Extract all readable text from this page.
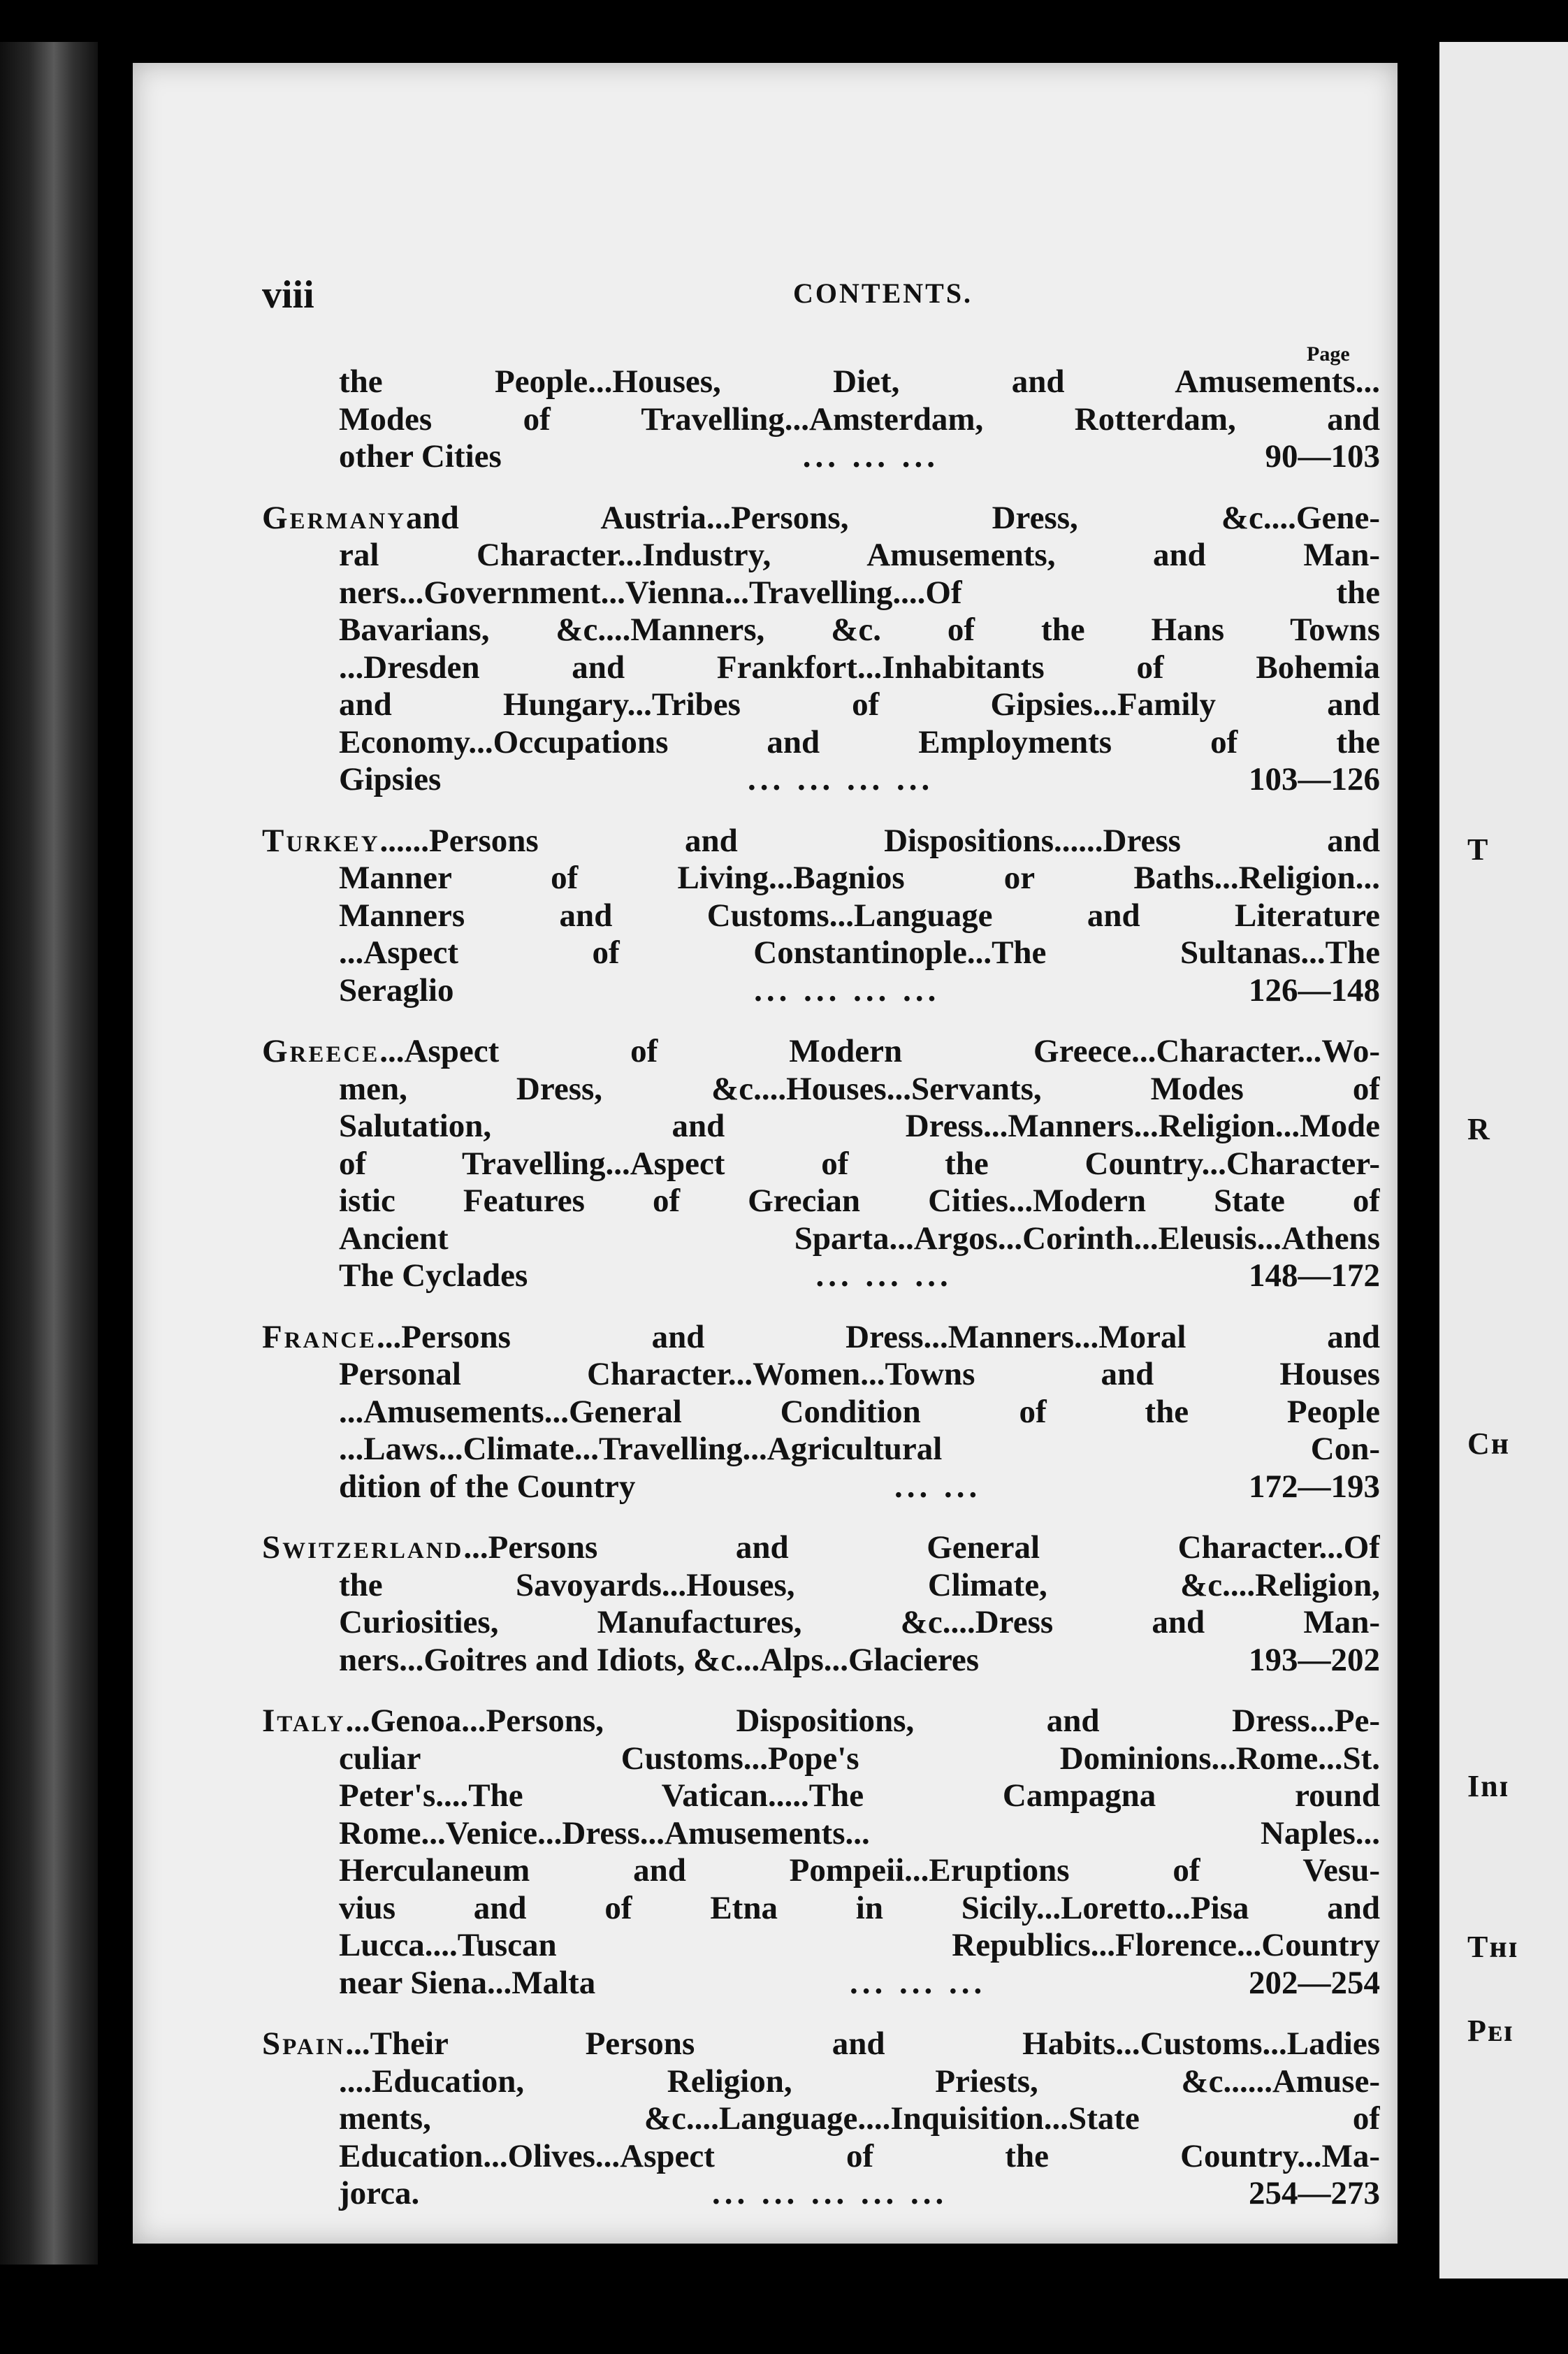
viii	CONTENTS.
Page
the People...Houses, Diet, and Amusements...
Modes of Travelling...Amsterdam, Rotterdam, and
other Cities	... ... ...	90—103
Germanyand Austria...Persons, Dress, &c....Gene-
ral Character...Industry, Amusements, and Man-
ners...Government...Vienna...Travelling....Of the
Bavarians, &c....Manners, &c. of the Hans Towns
...Dresden and Frankfort...Inhabitants of Bohemia
and Hungary...Tribes of Gipsies...Family and
Economy...Occupations and Employments of the
Gipsies	... ... ... ...	103—126
Turkey......Persons and Dispositions......Dress and
Manner of Living...Bagnios or Baths...Religion...
Manners and Customs...Language and Literature
...Aspect of Constantinople...The Sultanas...The
Seraglio	... ... ... ...	126—148
Greece...Aspect of Modern Greece...Character...Wo-
men, Dress, &c....Houses...Servants, Modes of
Salutation, and Dress...Manners...Religion...Mode
of Travelling...Aspect of the Country...Character-
istic Features of Grecian Cities...Modern State of
Ancient Sparta...Argos...Corinth...Eleusis...Athens
The Cyclades	... ... ...	148—172
France...Persons and Dress...Manners...Moral and
Personal Character...Women...Towns and Houses
...Amusements...General Condition of the People
...Laws...Climate...Travelling...Agricultural Con-
dition of the Country	... ...	172—193
Switzerland...Persons and General Character...Of
the Savoyards...Houses, Climate, &c....Religion,
Curiosities, Manufactures, &c....Dress and Man-
ners...Goitres and Idiots, &c...Alps...Glacieres	193—202
Italy...Genoa...Persons, Dispositions, and Dress...Pe-
culiar Customs...Pope's Dominions...Rome...St.
Peter's....The Vatican.....The Campagna round
Rome...Venice...Dress...Amusements... Naples...
Herculaneum and Pompeii...Eruptions of Vesu-
vius and of Etna in Sicily...Loretto...Pisa and
Lucca....Tuscan Republics...Florence...Country
near Siena...Malta	... ... ...	202—254
Spain...Their Persons and Habits...Customs...Ladies
....Education, Religion, Priests, &c......Amuse-
ments, &c....Language....Inquisition...State of
Education...Olives...Aspect of the Country...Ma-
jorca.	... ... ... ... ...	254—273
T
R
Cн
Inɪ
Tнɪ
Pᴇɪ
